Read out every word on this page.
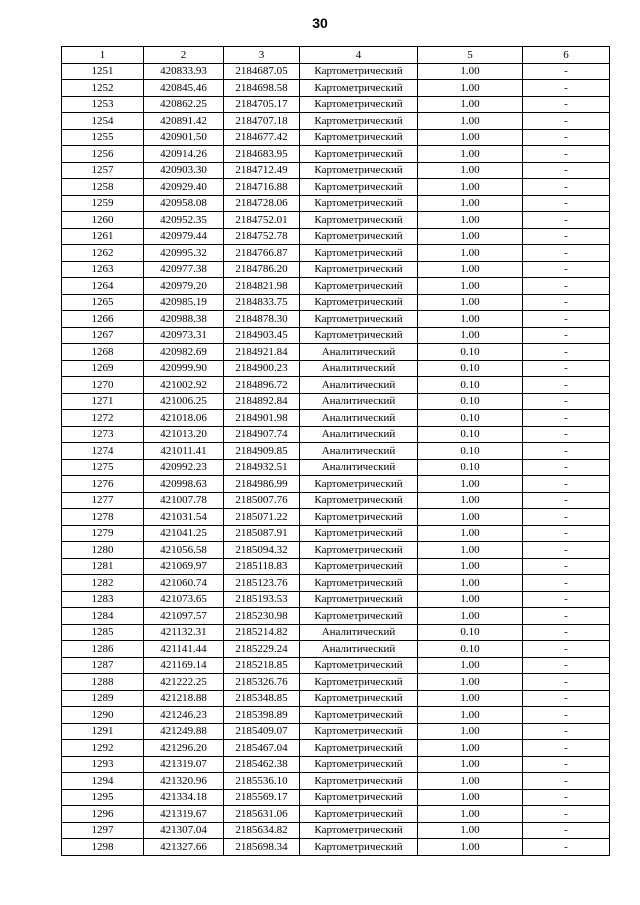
30
1	2	3	4	5	6
1251	420833.93	2184687.05	Картометрический	1.00	-
1252	420845.46	2184698.58	Картометрический	1.00	-
1253	420862.25	2184705.17	Картометрический	1.00	-
1254	420891.42	2184707.18	Картометрический	1.00	-
1255	420901.50	2184677.42	Картометрический	1.00	-
1256	420914.26	2184683.95	Картометрический	1.00	-
1257	420903.30	2184712.49	Картометрический	1.00	-
1258	420929.40	2184716.88	Картометрический	1.00	-
1259	420958.08	2184728.06	Картометрический	1.00	-
1260	420952.35	2184752.01	Картометрический	1.00	-
1261	420979.44	2184752.78	Картометрический	1.00	-
1262	420995.32	2184766.87	Картометрический	1.00	-
1263	420977.38	2184786.20	Картометрический	1.00	-
1264	420979.20	2184821.98	Картометрический	1.00	-
1265	420985.19	2184833.75	Картометрический	1.00	-
1266	420988.38	2184878.30	Картометрический	1.00	-
1267	420973.31	2184903.45	Картометрический	1.00	-
1268	420982.69	2184921.84	Аналитический	0.10	-
1269	420999.90	2184900.23	Аналитический	0.10	-
1270	421002.92	2184896.72	Аналитический	0.10	-
1271	421006.25	2184892.84	Аналитический	0.10	-
1272	421018.06	2184901.98	Аналитический	0.10	-
1273	421013.20	2184907.74	Аналитический	0.10	-
1274	421011.41	2184909.85	Аналитический	0.10	-
1275	420992.23	2184932.51	Аналитический	0.10	-
1276	420998.63	2184986.99	Картометрический	1.00	-
1277	421007.78	2185007.76	Картометрический	1.00	-
1278	421031.54	2185071.22	Картометрический	1.00	-
1279	421041.25	2185087.91	Картометрический	1.00	-
1280	421056.58	2185094.32	Картометрический	1.00	-
1281	421069.97	2185118.83	Картометрический	1.00	-
1282	421060.74	2185123.76	Картометрический	1.00	-
1283	421073.65	2185193.53	Картометрический	1.00	-
1284	421097.57	2185230.98	Картометрический	1.00	-
1285	421132.31	2185214.82	Аналитический	0.10	-
1286	421141.44	2185229.24	Аналитический	0.10	-
1287	421169.14	2185218.85	Картометрический	1.00	-
1288	421222.25	2185326.76	Картометрический	1.00	-
1289	421218.88	2185348.85	Картометрический	1.00	-
1290	421246.23	2185398.89	Картометрический	1.00	-
1291	421249.88	2185409.07	Картометрический	1.00	-
1292	421296.20	2185467.04	Картометрический	1.00	-
1293	421319.07	2185462.38	Картометрический	1.00	-
1294	421320.96	2185536.10	Картометрический	1.00	-
1295	421334.18	2185569.17	Картометрический	1.00	-
1296	421319.67	2185631.06	Картометрический	1.00	-
1297	421307.04	2185634.82	Картометрический	1.00	-
1298	421327.66	2185698.34	Картометрический	1.00	-
